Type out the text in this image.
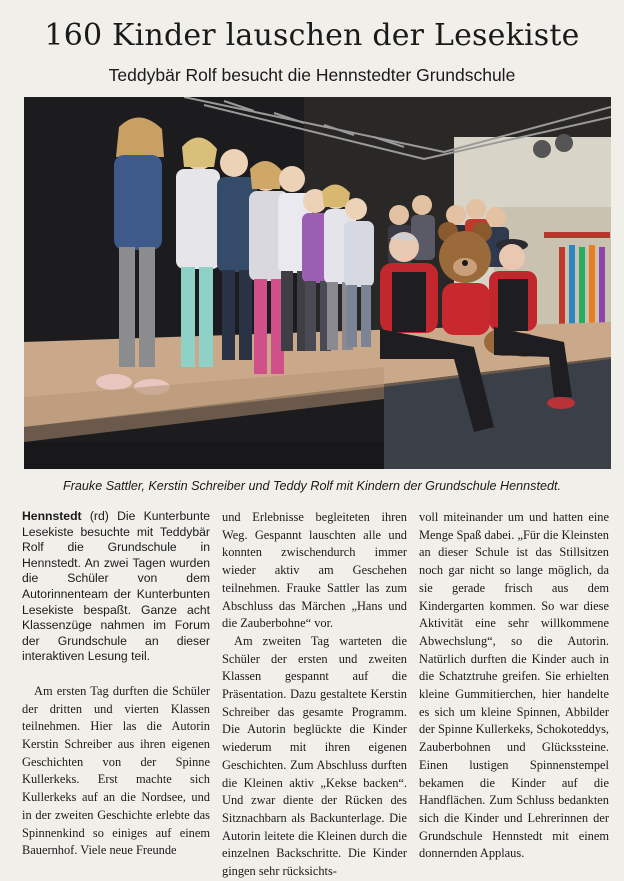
160 Kinder lauschen der Lesekiste
Teddybär Rolf besucht die Hennstedter Grundschule
Frauke Sattler, Kerstin Schreiber und Teddy Rolf mit Kindern der Grundschule Hennstedt.

Hennstedt (rd) Die Kunterbunte Lesekiste besuchte mit Teddybär Rolf die Grundschule in Hennstedt. An zwei Tagen wurden die Schüler von dem Autorinnenteam der Kunterbunten Lesekiste bespaßt. Ganze acht Klassenzüge nahmen im Forum der Grundschule an dieser interaktiven Lesung teil.

Am ersten Tag durften die Schüler der dritten und vierten Klassen teilnehmen. Hier las die Autorin Kerstin Schreiber aus ihren eigenen Geschichten von der Spinne Kullerkeks. Erst machte sich Kullerkeks auf an die Nordsee, und in der zweiten Geschichte erlebte das Spinnenkind so einiges auf einem Bauernhof. Viele neue Freunde

und Erlebnisse begleiteten ihren Weg. Gespannt lauschten alle und konnten zwischendurch immer wieder aktiv am Geschehen teilnehmen. Frauke Sattler las zum Abschluss das Märchen „Hans und die Zauberbohne“ vor.

Am zweiten Tag warteten die Schüler der ersten und zweiten Klassen gespannt auf die Präsentation. Dazu gestaltete Kerstin Schreiber das gesamte Programm. Die Autorin beglückte die Kinder wiederum mit ihren eigenen Geschichten. Zum Abschluss durften die Kleinen aktiv „Kekse backen“. Und zwar diente der Rücken des Sitznachbarn als Backunterlage. Die Autorin leitete die Kleinen durch die einzelnen Backschritte. Die Kinder gingen sehr rücksichts-

voll miteinander um und hatten eine Menge Spaß dabei. „Für die Kleinsten an dieser Schule ist das Stillsitzen noch gar nicht so lange möglich, da sie gerade frisch aus dem Kindergarten kommen. So war diese Aktivität eine sehr willkommene Abwechslung“, so die Autorin. Natürlich durften die Kinder auch in die Schatztruhe greifen. Sie erhielten kleine Gummitierchen, hier handelte es sich um kleine Spinnen, Abbilder der Spinne Kullerkeks, Schokoteddys, Zauberbohnen und Glückssteine. Einen lustigen Spinnenstempel bekamen die Kinder auf die Handflächen. Zum Schluss bedankten sich die Kinder und Lehrerinnen der Grundschule Hennstedt mit einem donnernden Applaus.
